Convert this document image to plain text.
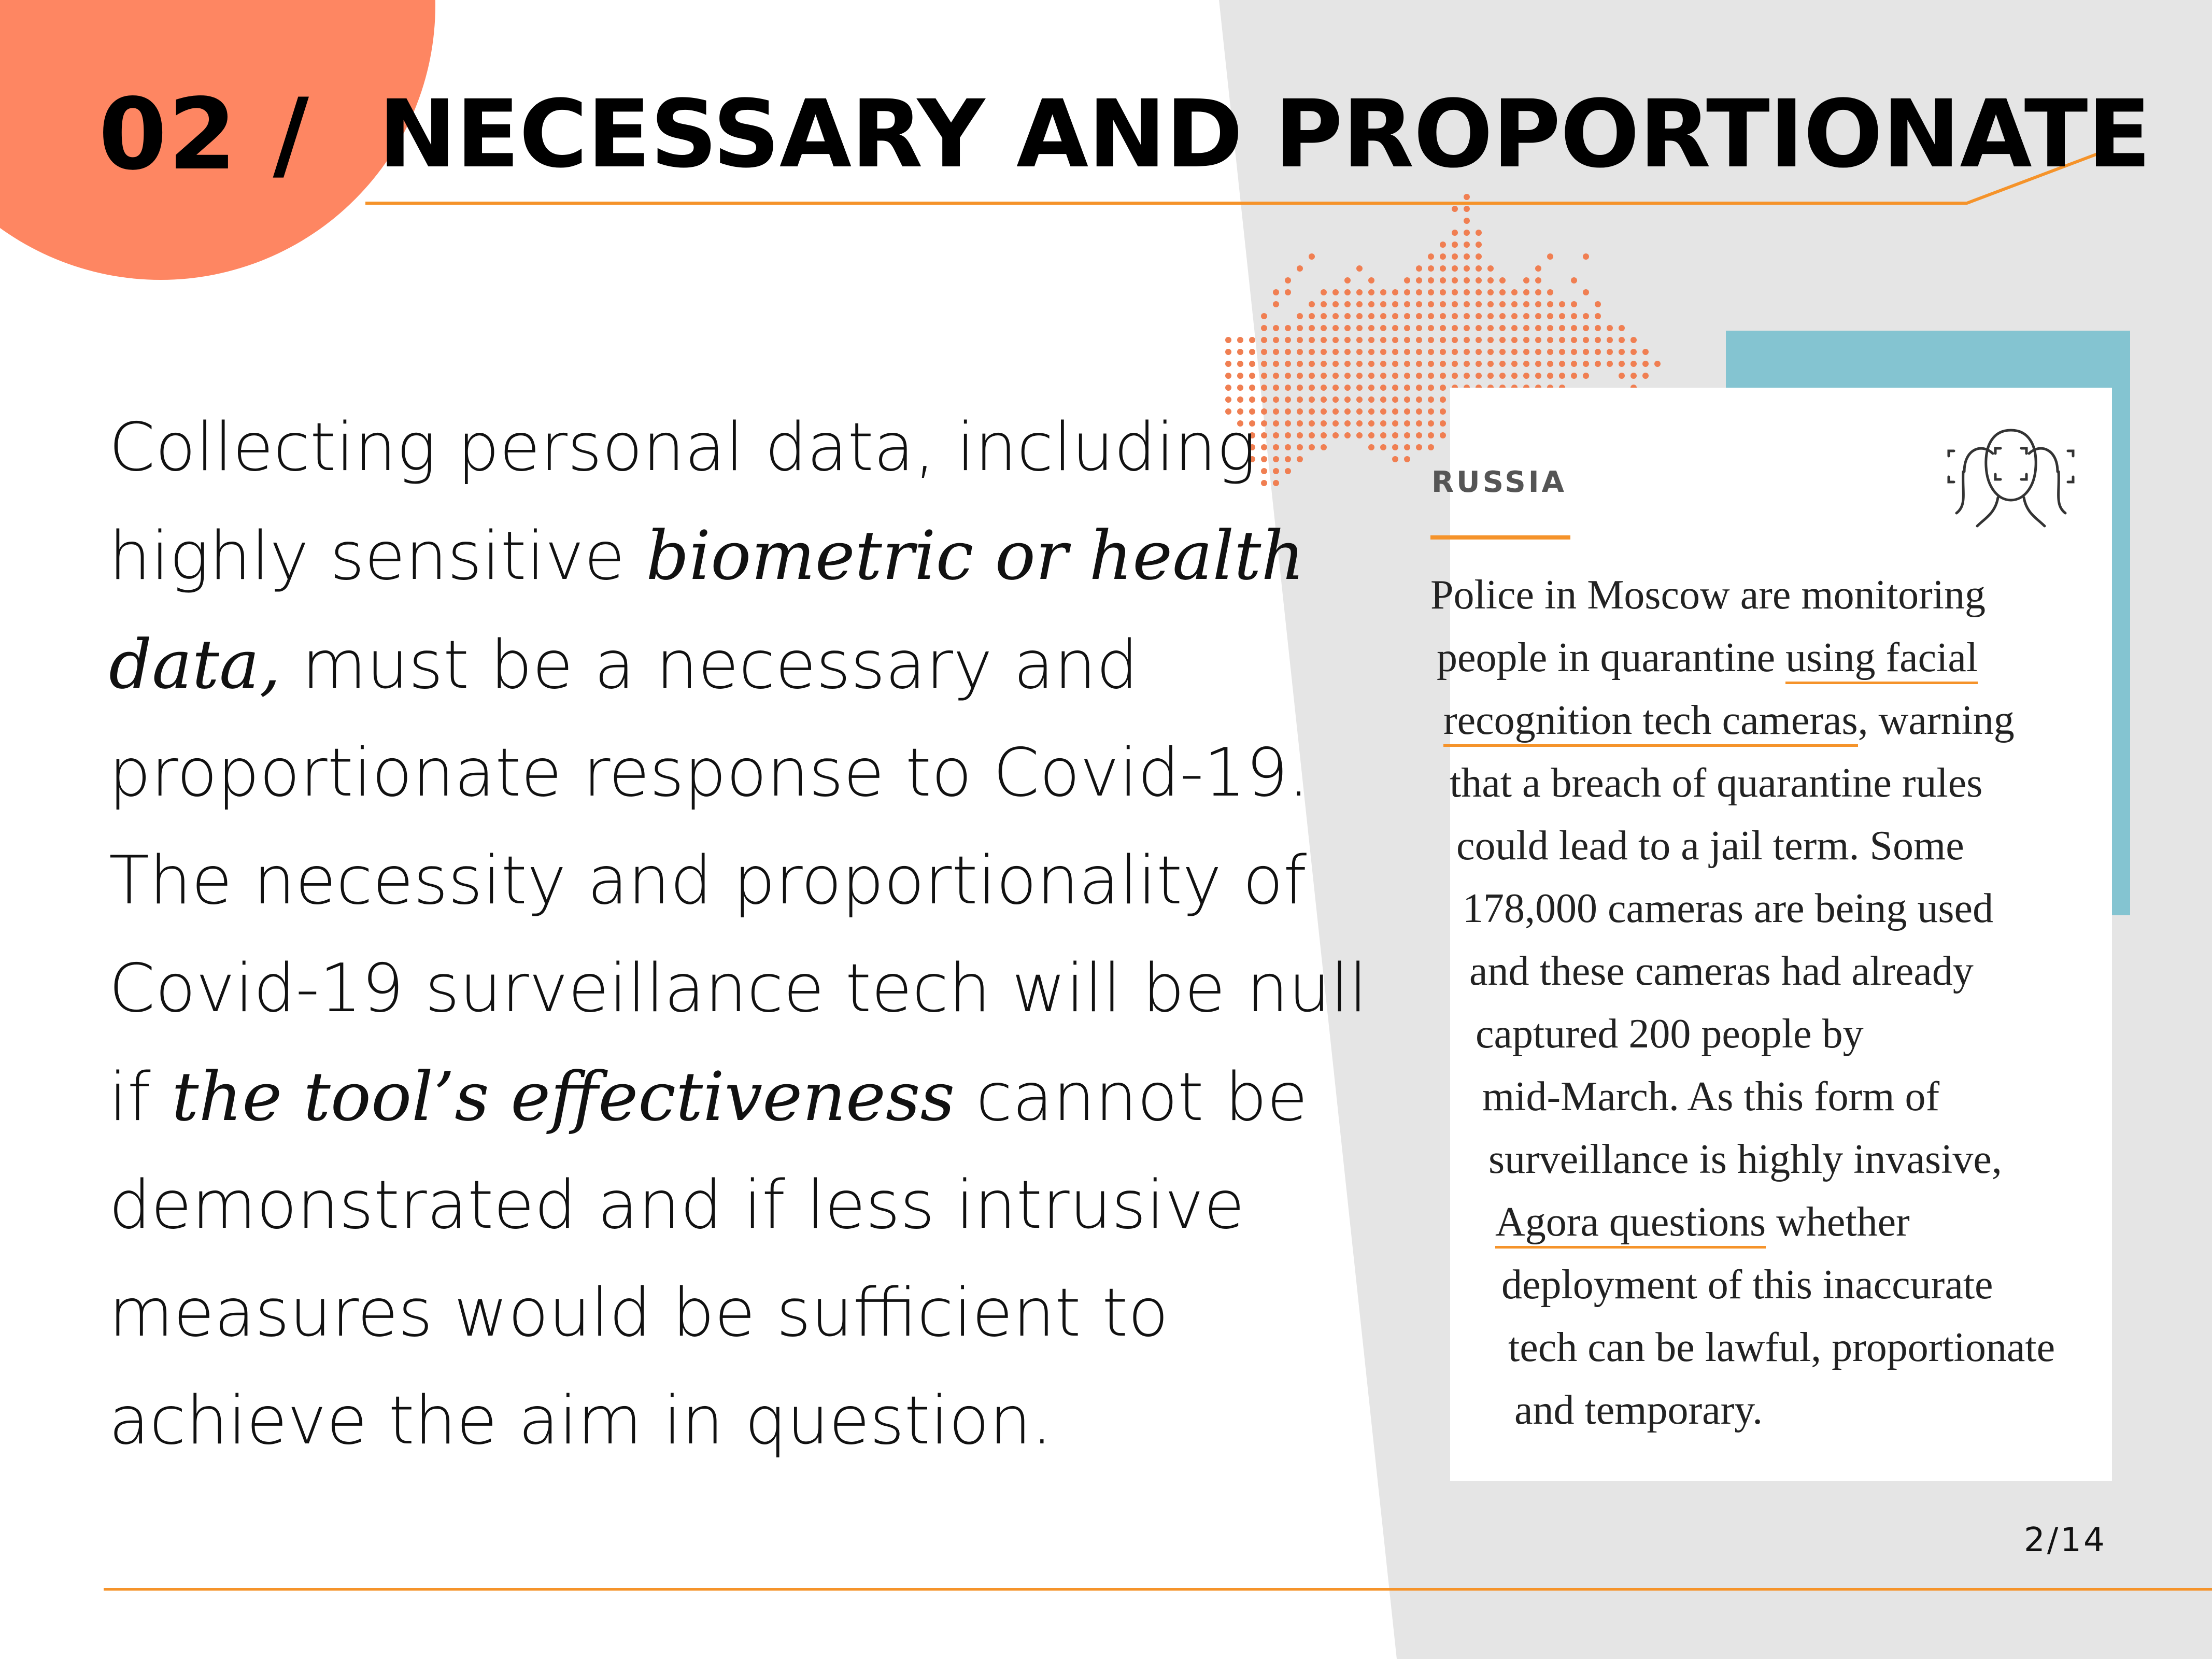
02 / NECESSARY AND PROPORTIONATE
Collecting personal data, including
highly sensitive biometric or health
data, must be a necessary and
proportionate response to Covid-19.
The necessity and proportionality of
Covid-19 surveillance tech will be null
if the tool’s effectiveness cannot be
demonstrated and if less intrusive
measures would be sufficient to
achieve the aim in question.
RUSSIA
Police in Moscow are monitoring
people in quarantine using facial
recognition tech cameras, warning
that a breach of quarantine rules
could lead to a jail term. Some
178,000 cameras are being used
and these cameras had already
captured 200 people by
mid-March. As this form of
surveillance is highly invasive,
Agora questions whether
deployment of this inaccurate
tech can be lawful, proportionate
and temporary.
2/14
